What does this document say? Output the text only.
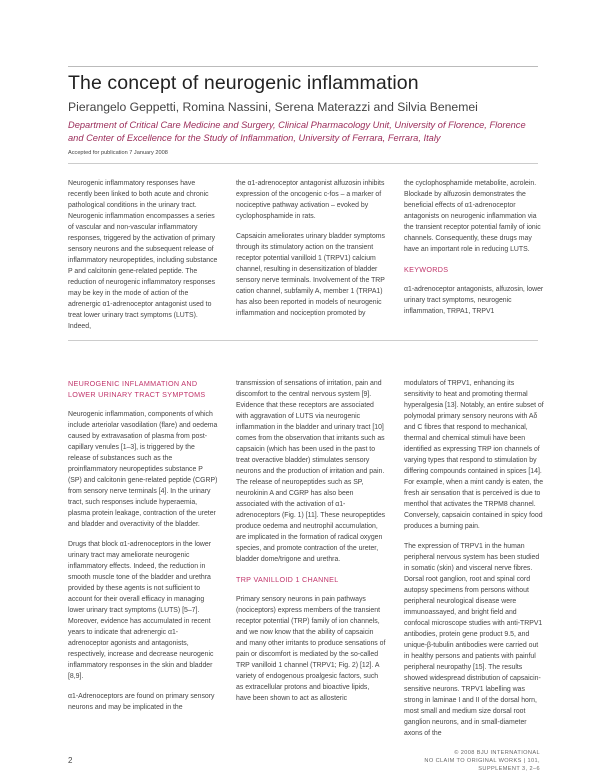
The concept of neurogenic inflammation
Pierangelo Geppetti, Romina Nassini, Serena Materazzi and Silvia Benemei
Department of Critical Care Medicine and Surgery, Clinical Pharmacology Unit, University of Florence, Florence and Center of Excellence for the Study of Inflammation, University of Ferrara, Ferrara, Italy
Accepted for publication 7 January 2008

Neurogenic inflammatory responses have recently been linked to both acute and chronic pathological conditions in the urinary tract. Neurogenic inflammation encompasses a series of vascular and non-vascular inflammatory responses, triggered by the activation of primary sensory neurons and the subsequent release of inflammatory neuropeptides, including substance P and calcitonin gene-related peptide. The reduction of neurogenic inflammatory responses may be key in the mode of action of the adrenergic α1-adrenoceptor antagonist used to treat lower urinary tract symptoms (LUTS). Indeed,

the α1-adrenoceptor antagonist alfuzosin inhibits expression of the oncogenic c-fos – a marker of nociceptive pathway activation – evoked by cyclophosphamide in rats.

Capsaicin ameliorates urinary bladder symptoms through its stimulatory action on the transient receptor potential vanilloid 1 (TRPV1) calcium channel, resulting in desensitization of bladder sensory nerve terminals. Involvement of the TRP cation channel, subfamily A, member 1 (TRPA1) has also been reported in models of neurogenic inflammation and nociception promoted by

the cyclophosphamide metabolite, acrolein. Blockade by alfuzosin demonstrates the beneficial effects of α1-adrenoceptor antagonists on neurogenic inflammation via the transient receptor potential family of ionic channels. Consequently, these drugs may have an important role in reducing LUTS.

KEYWORDS

α1-adrenoceptor antagonists, alfuzosin, lower urinary tract symptoms, neurogenic inflammation, TRPA1, TRPV1

NEUROGENIC INFLAMMATION AND LOWER URINARY TRACT SYMPTOMS

Neurogenic inflammation, components of which include arteriolar vasodilation (flare) and oedema caused by extravasation of plasma from post-capillary venules [1–3], is triggered by the release of substances such as the proinflammatory neuropeptides substance P (SP) and calcitonin gene-related peptide (CGRP) from sensory nerve terminals [4]. In the urinary tract, such responses include hyperaemia, plasma protein leakage, contraction of the ureter and bladder and overactivity of the bladder.

Drugs that block α1-adrenoceptors in the lower urinary tract may ameliorate neurogenic inflammatory effects. Indeed, the reduction in smooth muscle tone of the bladder and urethra provided by these agents is not sufficient to account for their overall efficacy in managing lower urinary tract symptoms (LUTS) [5–7]. Moreover, evidence has accumulated in recent years to indicate that adrenergic α1-adrenoceptor agonists and antagonists, respectively, increase and decrease neurogenic inflammatory responses in the skin and bladder [8,9].

α1-Adrenoceptors are found on primary sensory neurons and may be implicated in the

transmission of sensations of irritation, pain and discomfort to the central nervous system [9]. Evidence that these receptors are associated with aggravation of LUTS via neurogenic inflammation in the bladder and urinary tract [10] comes from the observation that irritants such as capsaicin (which has been used in the past to treat overactive bladder) stimulates sensory neurons and the production of irritation and pain. The release of neuropeptides such as SP, neurokinin A and CGRP has also been associated with the activation of α1-adrenoceptors (Fig. 1) [11]. These neuropeptides produce oedema and neutrophil accumulation, are implicated in the formation of radical oxygen species, and promote contraction of the ureter, bladder dome/trigone and urethra.

TRP VANILLOID 1 CHANNEL

Primary sensory neurons in pain pathways (nociceptors) express members of the transient receptor potential (TRP) family of ion channels, and we now know that the ability of capsaicin and many other irritants to produce sensations of pain or discomfort is mediated by the so-called TRP vanilloid 1 channel (TRPV1; Fig. 2) [12]. A variety of endogenous proalgesic factors, such as extracellular protons and bioactive lipids, have been shown to act as allosteric

modulators of TRPV1, enhancing its sensitivity to heat and promoting thermal hyperalgesia [13]. Notably, an entire subset of polymodal primary sensory neurons with Aδ and C fibres that respond to mechanical, thermal and chemical stimuli have been identified as expressing TRP ion channels of varying types that respond to stimulation by differing compounds contained in spices [14]. For example, when a mint candy is eaten, the fresh air sensation that is perceived is due to menthol that activates the TRPM8 channel. Conversely, capsaicin contained in spicy food produces a burning pain.

The expression of TRPV1 in the human peripheral nervous system has been studied in somatic (skin) and visceral nerve fibres. Dorsal root ganglion, root and spinal cord autopsy specimens from persons without peripheral neurological disease were immunoassayed, and bright field and confocal microscope studies with anti-TRPV1 antibodies, protein gene product 9.5, and unique-β-tubulin antibodies were carried out in healthy persons and patients with painful peripheral neuropathy [15]. The results showed widespread distribution of capsaicin-sensitive neurons. TRPV1 labelling was strong in laminae I and II of the dorsal horn, most small and medium size dorsal root ganglion neurons, and in small-diameter axons of the

2
© 2008 BJU INTERNATIONAL
NO CLAIM TO ORIGINAL WORKS | 101, SUPPLEMENT 3, 2–6
